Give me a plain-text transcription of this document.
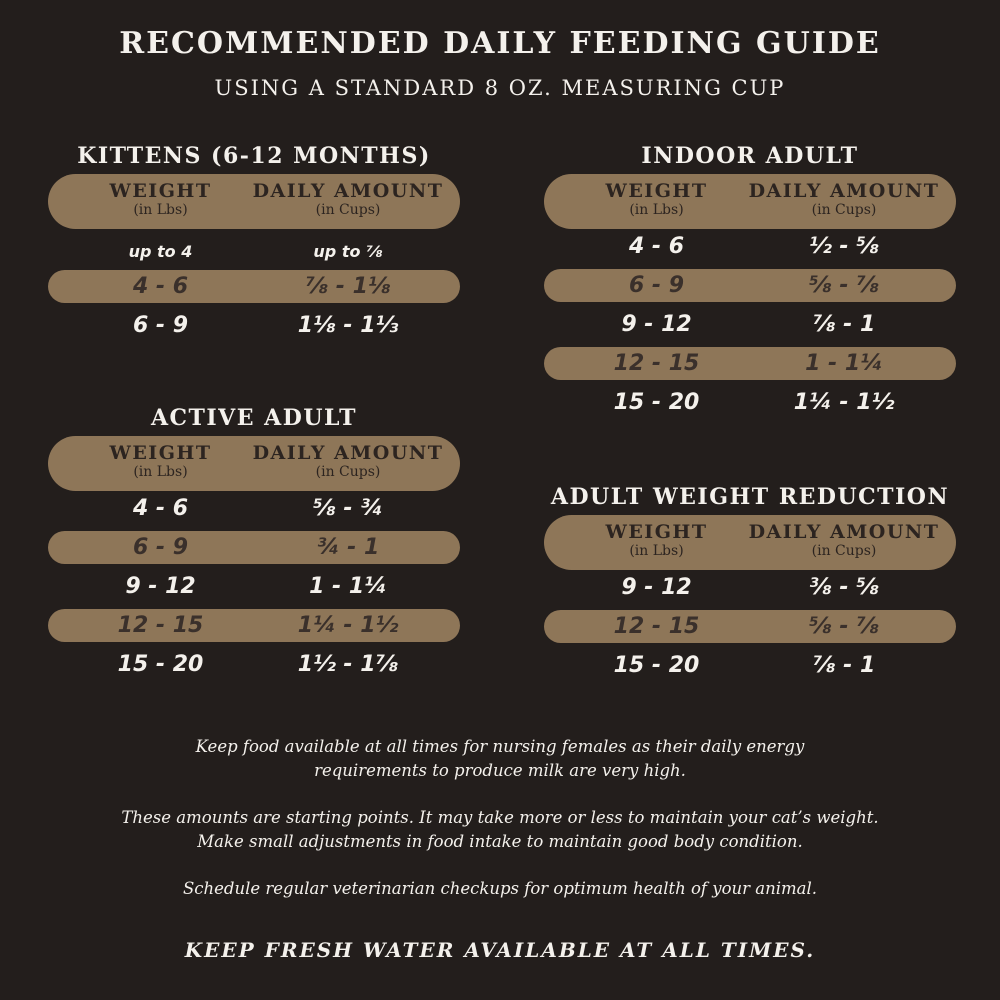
RECOMMENDED DAILY FEEDING GUIDE
USING A STANDARD 8 OZ. MEASURING CUP
KITTENS (6-12 MONTHS)
WEIGHT
(in Lbs)
DAILY AMOUNT
(in Cups)
up to 4	up to ⅞
4 - 6	⅞ - 1⅛
6 - 9	1⅛ - 1⅓
INDOOR ADULT
WEIGHT
(in Lbs)
DAILY AMOUNT
(in Cups)
4 - 6	½ - ⅝
6 - 9	⅝ - ⅞
9 - 12	⅞ - 1
12 - 15	1 - 1¼
15 - 20	1¼ - 1½
ACTIVE ADULT
WEIGHT
(in Lbs)
DAILY AMOUNT
(in Cups)
4 - 6	⅝ - ¾
6 - 9	¾ - 1
9 - 12	1 - 1¼
12 - 15	1¼ - 1½
15 - 20	1½ - 1⅞
ADULT WEIGHT REDUCTION
WEIGHT
(in Lbs)
DAILY AMOUNT
(in Cups)
9 - 12	⅜ - ⅝
12 - 15	⅝ - ⅞
15 - 20	⅞ - 1

Keep food available at all times for nursing females as their daily energy

requirements to produce milk are very high.

These amounts are starting points. It may take more or less to maintain your cat’s weight.

Make small adjustments in food intake to maintain good body condition.

Schedule regular veterinarian checkups for optimum health of your animal.

KEEP FRESH WATER AVAILABLE AT ALL TIMES.
